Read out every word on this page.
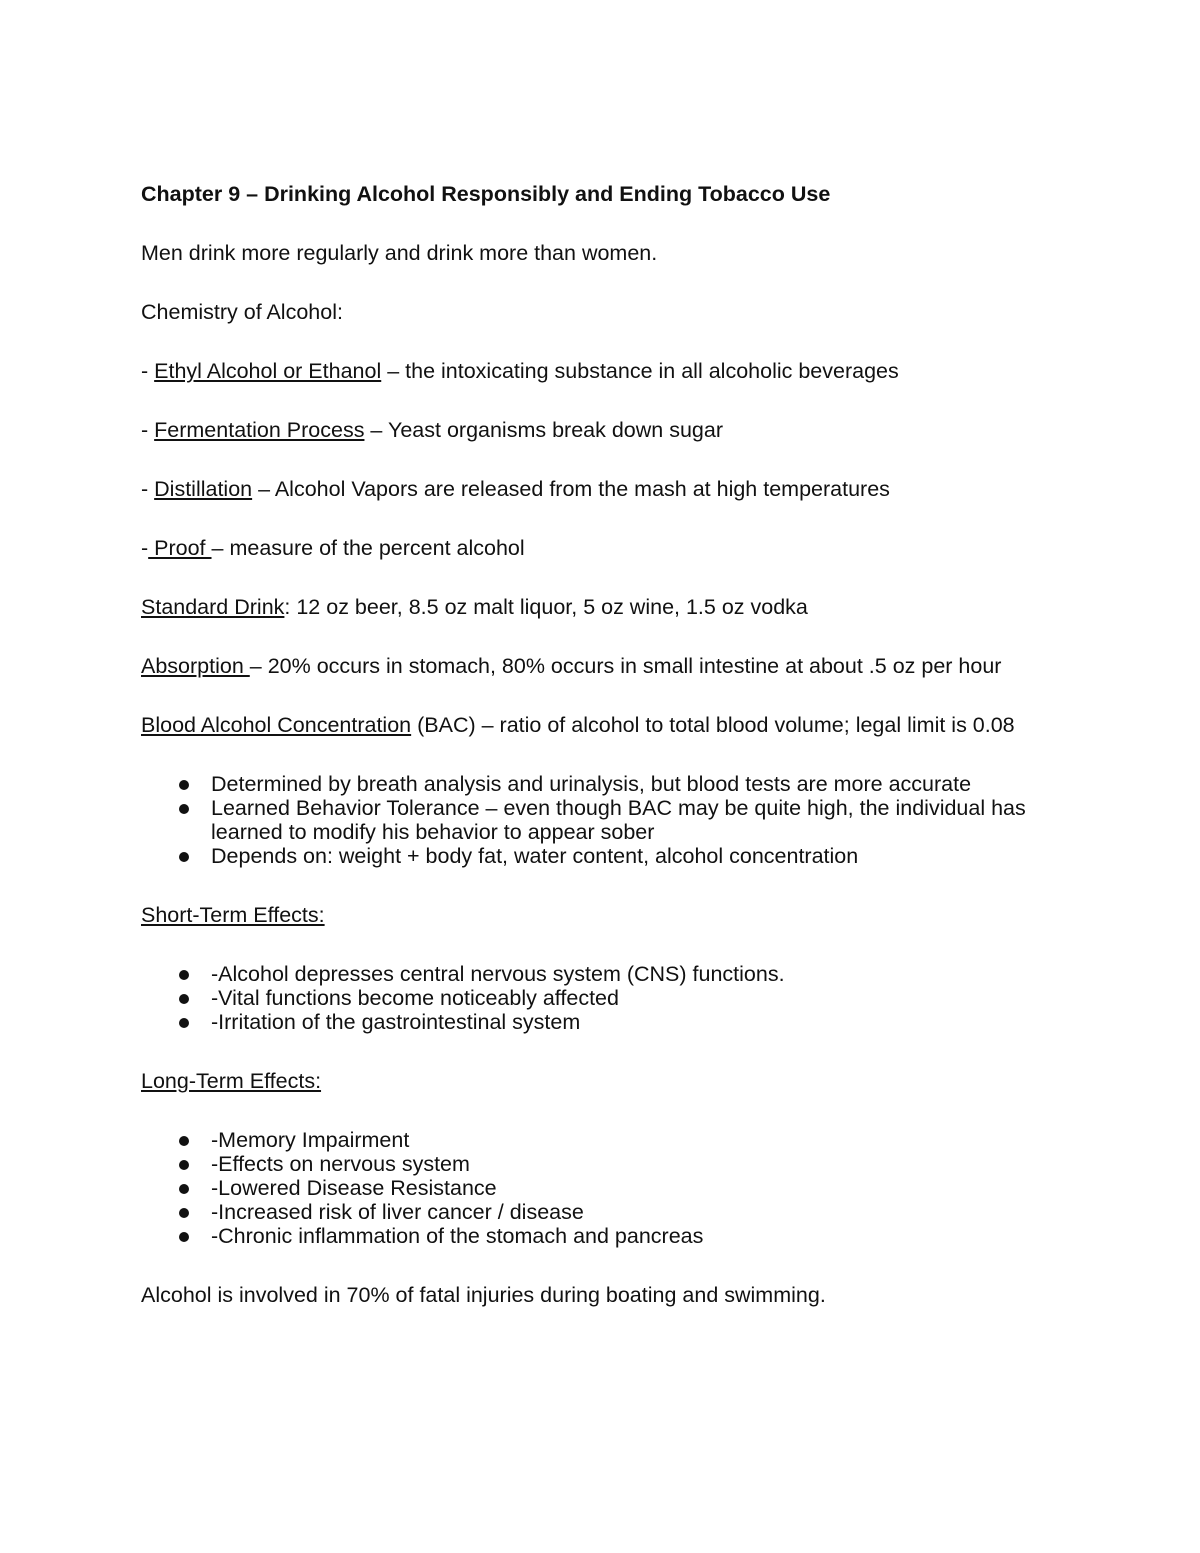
Chapter 9 – Drinking Alcohol Responsibly and Ending Tobacco Use

Men drink more regularly and drink more than women.

Chemistry of Alcohol:

- Ethyl Alcohol or Ethanol – the intoxicating substance in all alcoholic beverages

- Fermentation Process – Yeast organisms break down sugar

- Distillation – Alcohol Vapors are released from the mash at high temperatures

- Proof – measure of the percent alcohol

Standard Drink: 12 oz beer, 8.5 oz malt liquor, 5 oz wine, 1.5 oz vodka

Absorption – 20% occurs in stomach, 80% occurs in small intestine at about .5 oz per hour

Blood Alcohol Concentration (BAC) – ratio of alcohol to total blood volume; legal limit is 0.08

Determined by breath analysis and urinalysis, but blood tests are more accurate
Learned Behavior Tolerance – even though BAC may be quite high, the individual has learned to modify his behavior to appear sober
Depends on: weight + body fat, water content, alcohol concentration

Short-Term Effects:

-Alcohol depresses central nervous system (CNS) functions.
-Vital functions become noticeably affected
-Irritation of the gastrointestinal system

Long-Term Effects:

-Memory Impairment
-Effects on nervous system
-Lowered Disease Resistance
-Increased risk of liver cancer / disease
-Chronic inflammation of the stomach and pancreas

Alcohol is involved in 70% of fatal injuries during boating and swimming.
